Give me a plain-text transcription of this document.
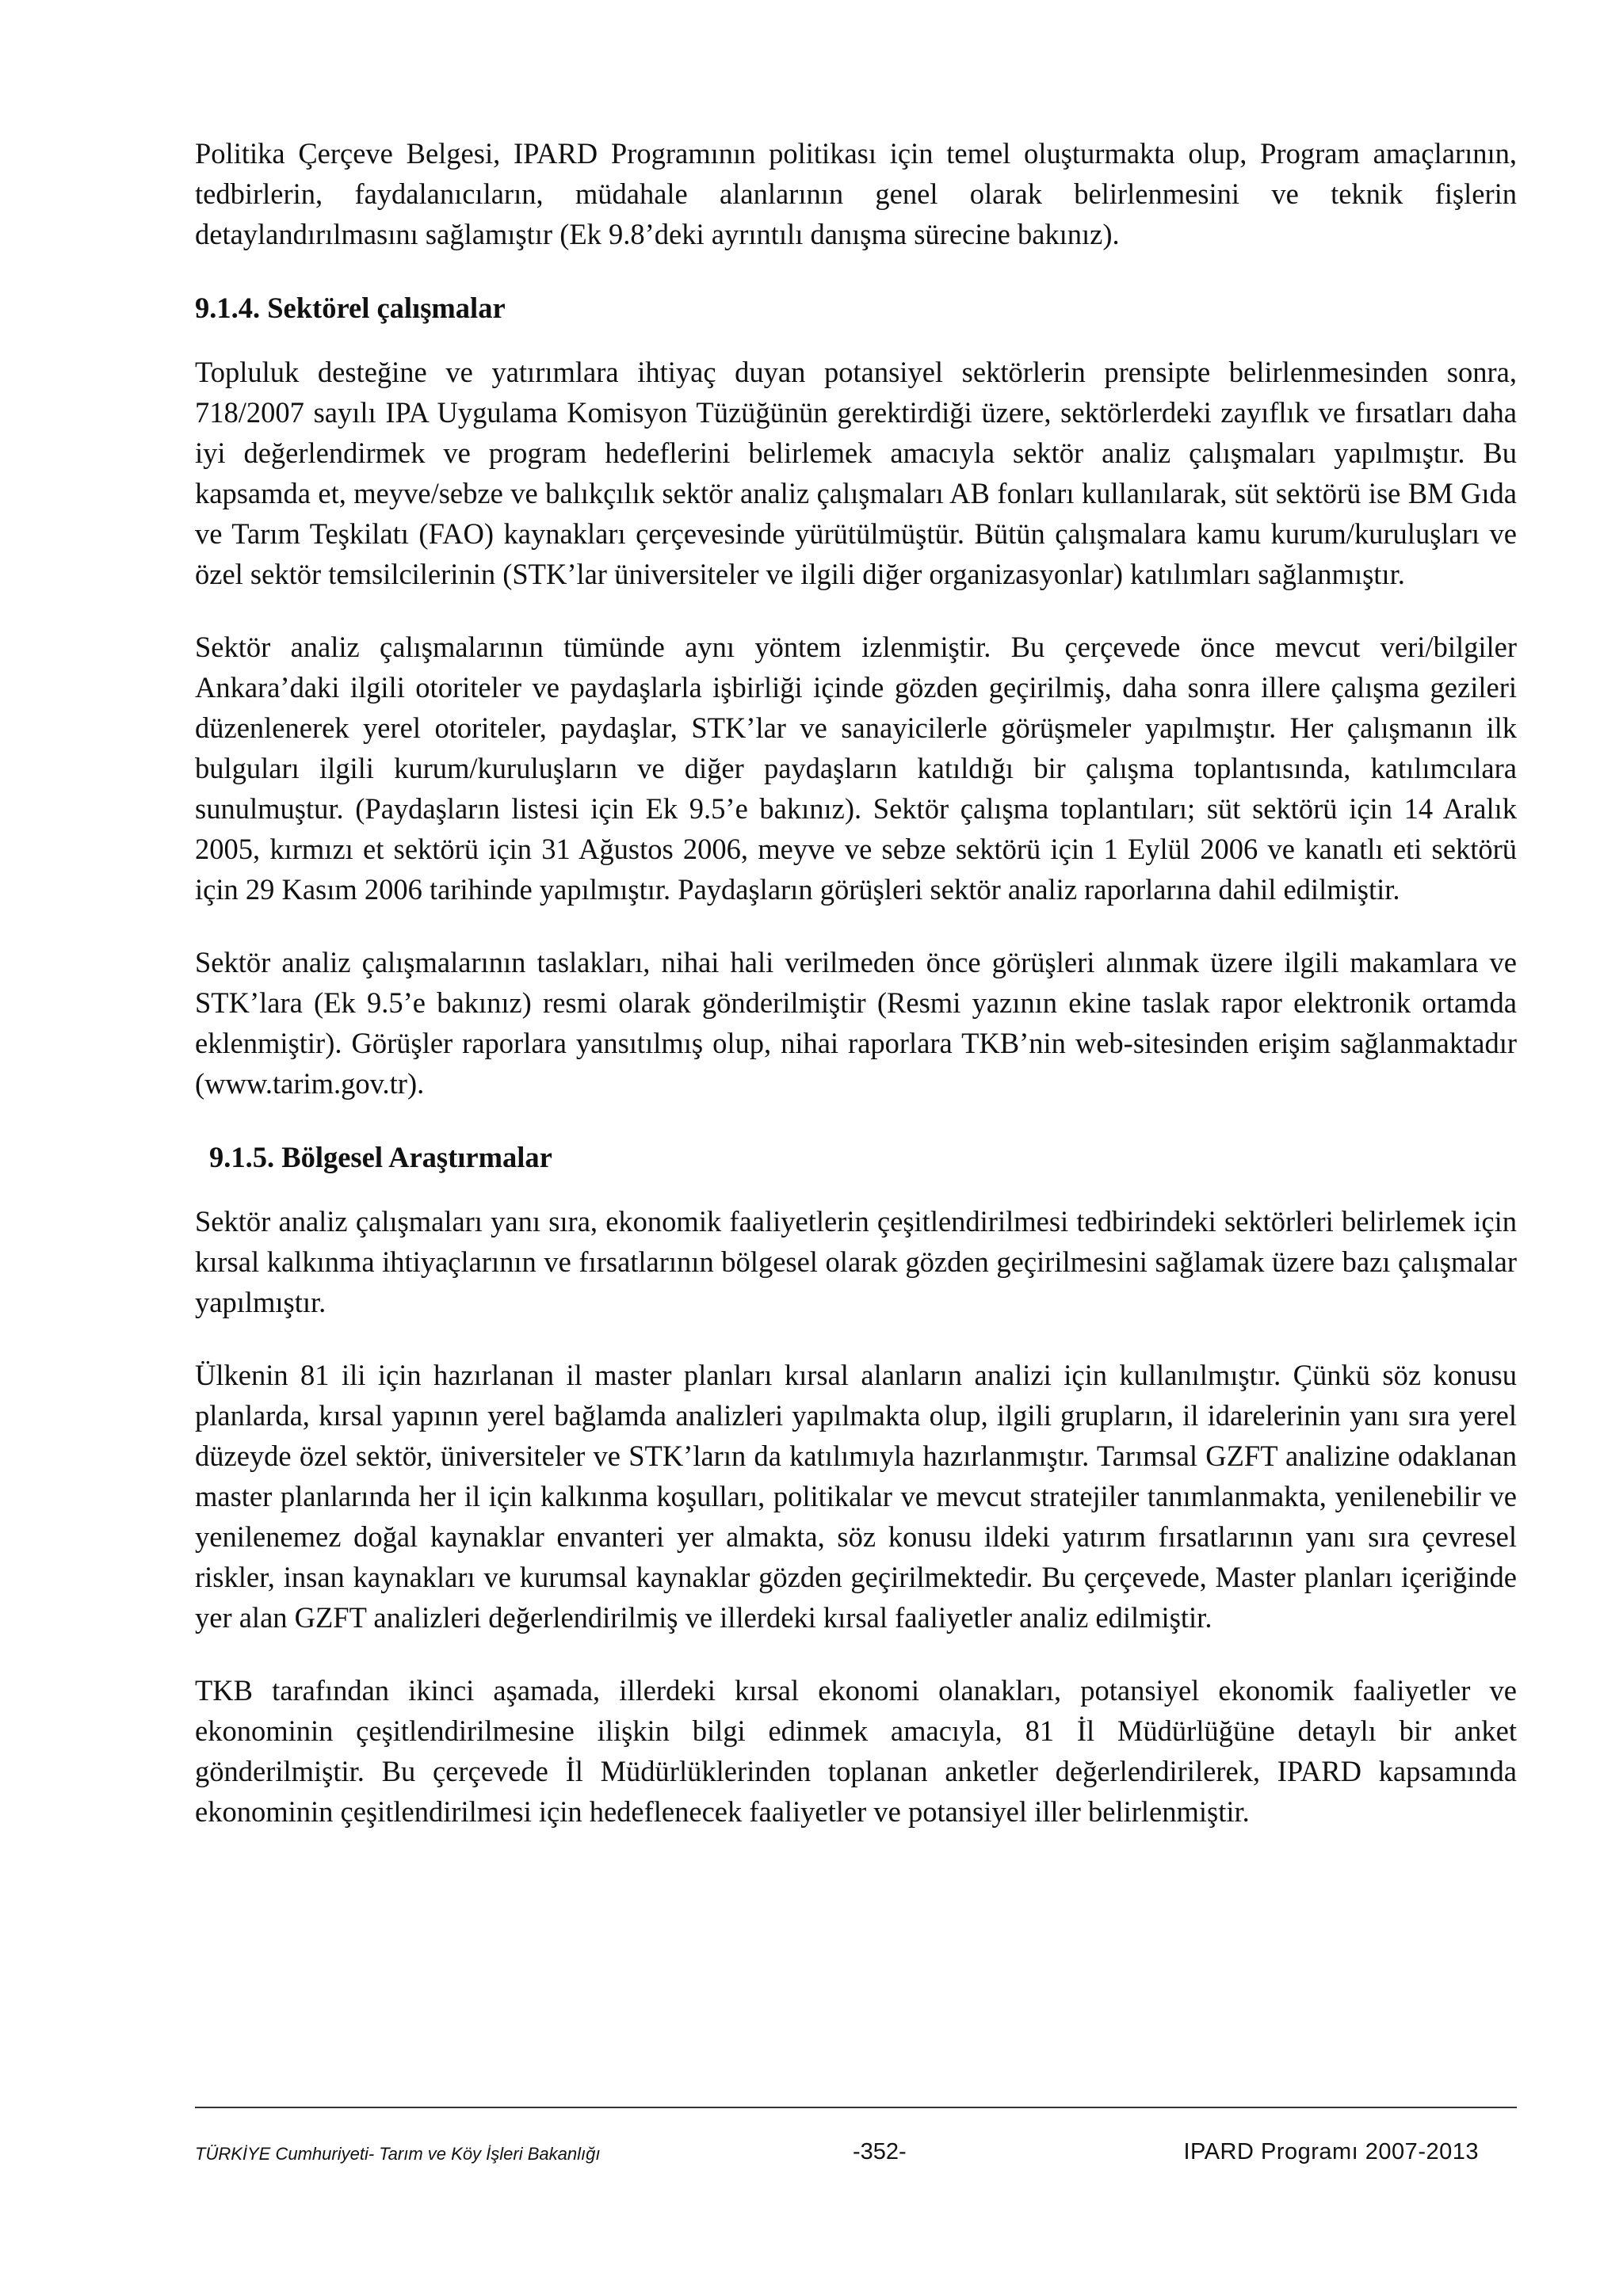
Politika Çerçeve Belgesi, IPARD Programının politikası için temel oluşturmakta olup, Program amaçlarının, tedbirlerin, faydalanıcıların, müdahale alanlarının genel olarak belirlenmesini ve teknik fişlerin detaylandırılmasını sağlamıştır (Ek 9.8’deki ayrıntılı danışma sürecine bakınız).

9.1.4. Sektörel çalışmalar

Topluluk desteğine ve yatırımlara ihtiyaç duyan potansiyel sektörlerin prensipte belirlenmesinden sonra, 718/2007 sayılı IPA Uygulama Komisyon Tüzüğünün gerektirdiği üzere, sektörlerdeki zayıflık ve fırsatları daha iyi değerlendirmek ve program hedeflerini belirlemek amacıyla sektör analiz çalışmaları yapılmıştır. Bu kapsamda et, meyve/sebze ve balıkçılık sektör analiz çalışmaları AB fonları kullanılarak, süt sektörü ise BM Gıda ve Tarım Teşkilatı (FAO) kaynakları çerçevesinde yürütülmüştür. Bütün çalışmalara kamu kurum/kuruluşları ve özel sektör temsilcilerinin (STK’lar üniversiteler ve ilgili diğer organizasyonlar) katılımları sağlanmıştır.

Sektör analiz çalışmalarının tümünde aynı yöntem izlenmiştir. Bu çerçevede önce mevcut veri/bilgiler Ankara’daki ilgili otoriteler ve paydaşlarla işbirliği içinde gözden geçirilmiş, daha sonra illere çalışma gezileri düzenlenerek yerel otoriteler, paydaşlar, STK’lar ve sanayicilerle görüşmeler yapılmıştır. Her çalışmanın ilk bulguları ilgili kurum/kuruluşların ve diğer paydaşların katıldığı bir çalışma toplantısında, katılımcılara sunulmuştur. (Paydaşların listesi için Ek 9.5’e bakınız). Sektör çalışma toplantıları; süt sektörü için 14 Aralık 2005, kırmızı et sektörü için 31 Ağustos 2006, meyve ve sebze sektörü için 1 Eylül 2006 ve kanatlı eti sektörü için 29 Kasım 2006 tarihinde yapılmıştır. Paydaşların görüşleri sektör analiz raporlarına dahil edilmiştir.

Sektör analiz çalışmalarının taslakları, nihai hali verilmeden önce görüşleri alınmak üzere ilgili makamlara ve STK’lara (Ek 9.5’e bakınız) resmi olarak gönderilmiştir (Resmi yazının ekine taslak rapor elektronik ortamda eklenmiştir). Görüşler raporlara yansıtılmış olup, nihai raporlara TKB’nin web-sitesinden erişim sağlanmaktadır (www.tarim.gov.tr).

9.1.5. Bölgesel Araştırmalar

Sektör analiz çalışmaları yanı sıra, ekonomik faaliyetlerin çeşitlendirilmesi tedbirindeki sektörleri belirlemek için kırsal kalkınma ihtiyaçlarının ve fırsatlarının bölgesel olarak gözden geçirilmesini sağlamak üzere bazı çalışmalar yapılmıştır.

Ülkenin 81 ili için hazırlanan il master planları kırsal alanların analizi için kullanılmıştır. Çünkü söz konusu planlarda, kırsal yapının yerel bağlamda analizleri yapılmakta olup, ilgili grupların, il idarelerinin yanı sıra yerel düzeyde özel sektör, üniversiteler ve STK’ların da katılımıyla hazırlanmıştır. Tarımsal GZFT analizine odaklanan master planlarında her il için kalkınma koşulları, politikalar ve mevcut stratejiler tanımlanmakta, yenilenebilir ve yenilenemez doğal kaynaklar envanteri yer almakta, söz konusu ildeki yatırım fırsatlarının yanı sıra çevresel riskler, insan kaynakları ve kurumsal kaynaklar gözden geçirilmektedir. Bu çerçevede, Master planları içeriğinde yer alan GZFT analizleri değerlendirilmiş ve illerdeki kırsal faaliyetler analiz edilmiştir.

TKB tarafından ikinci aşamada, illerdeki kırsal ekonomi olanakları, potansiyel ekonomik faaliyetler ve ekonominin çeşitlendirilmesine ilişkin bilgi edinmek amacıyla, 81 İl Müdürlüğüne detaylı bir anket gönderilmiştir. Bu çerçevede İl Müdürlüklerinden toplanan anketler değerlendirilerek, IPARD kapsamında ekonominin çeşitlendirilmesi için hedeflenecek faaliyetler ve potansiyel iller belirlenmiştir.

TÜRKİYE Cumhuriyeti- Tarım ve Köy İşleri Bakanlığı	-352-	IPARD Programı 2007-2013
